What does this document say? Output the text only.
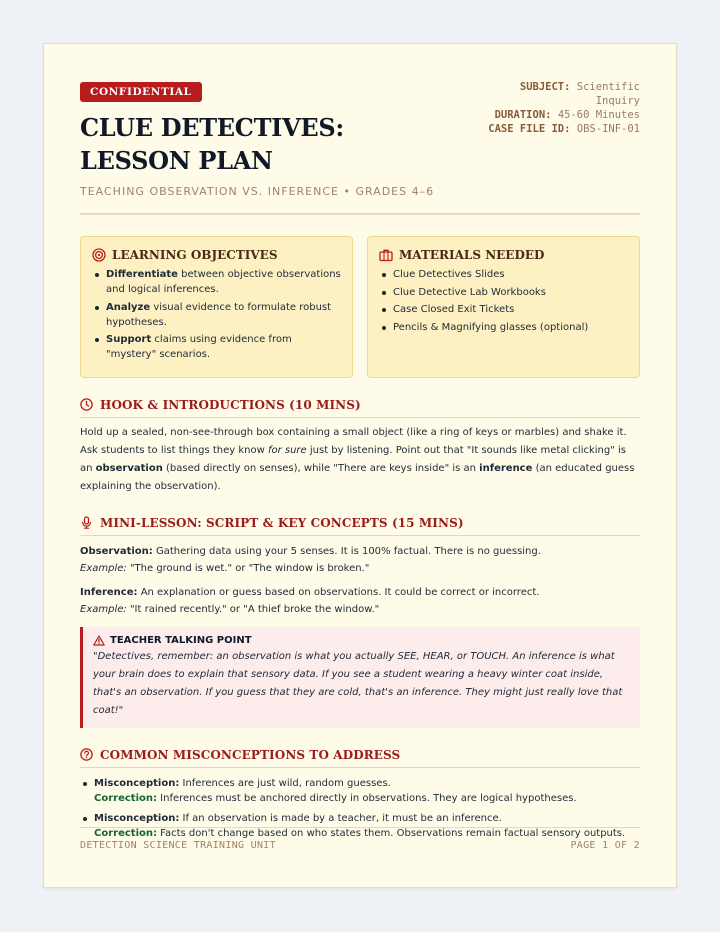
SUBJECT: Scientific Inquiry
DURATION: 45-60 Minutes
CASE FILE ID: OBS-INF-01
CONFIDENTIAL
CLUE DETECTIVES: LESSON PLAN
TEACHING OBSERVATION VS. INFERENCE • GRADES 4–6
LEARNING OBJECTIVES
Differentiate between objective observations and logical inferences.
Analyze visual evidence to formulate robust hypotheses.
Support claims using evidence from "mystery" scenarios.
MATERIALS NEEDED
Clue Detectives Slides
Clue Detective Lab Workbooks
Case Closed Exit Tickets
Pencils & Magnifying glasses (optional)
HOOK & INTRODUCTIONS (10 MINS)

Hold up a sealed, non-see-through box containing a small object (like a ring of keys or marbles) and shake it. Ask students to list things they know for sure just by listening. Point out that "It sounds like metal clicking" is an observation (based directly on senses), while "There are keys inside" is an inference (an educated guess explaining the observation).

MINI-LESSON: SCRIPT & KEY CONCEPTS (15 MINS)
Observation: Gathering data using your 5 senses. It is 100% factual. There is no guessing.
Example: "The ground is wet." or "The window is broken."
Inference: An explanation or guess based on observations. It could be correct or incorrect.
Example: "It rained recently." or "A thief broke the window."
TEACHER TALKING POINT
"Detectives, remember: an observation is what you actually SEE, HEAR, or TOUCH. An inference is what your brain does to explain that sensory data. If you see a student wearing a heavy winter coat inside, that's an observation. If you guess that they are cold, that's an inference. They might just really love that coat!"
COMMON MISCONCEPTIONS TO ADDRESS
Misconception: Inferences are just wild, random guesses.
Correction: Inferences must be anchored directly in observations. They are logical hypotheses.
Misconception: If an observation is made by a teacher, it must be an inference.
Correction: Facts don't change based on who states them. Observations remain factual sensory outputs.
DETECTION SCIENCE TRAINING UNIT	PAGE 1 OF 2
